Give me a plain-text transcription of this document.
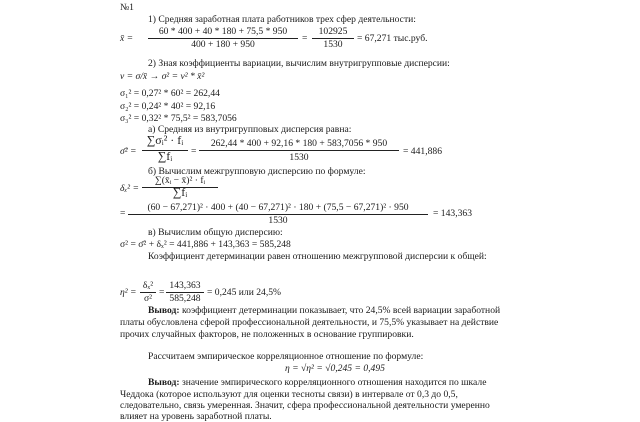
№1
1) Средняя заработная плата работников трех сфер деятельности:
x̄ =
60 * 400 + 40 * 180 + 75,5 * 950
400 + 180 + 950
=
102925
1530
= 67,271 тыс.руб.
2) Зная коэффициенты вариации, вычислим внутригрупповые дисперсии:
v = σ/x̄ → σ² = v² * x̄²
σ₁² = 0,27² * 60² = 262,44
σ₂² = 0,24² * 40² = 92,16
σ₃² = 0,32² * 75,5² = 583,7056
а) Средняя из внутригрупповых дисперсия равна:
σ̄² =
∑σᵢ² · fᵢ
∑fᵢ	=
262,44 * 400 + 92,16 * 180 + 583,7056 * 950
1530
= 441,886
б) Вычислим межгрупповую дисперсию по формуле:
δₓ² =
∑(x̄ᵢ − x̄)² · fᵢ
∑fᵢ
=
(60 − 67,271)² · 400 + (40 − 67,271)² · 180 + (75,5 − 67,271)² · 950
1530
= 143,363
в) Вычислим общую дисперсию:
σ² = σ̄² + δₓ² = 441,886 + 143,363 = 585,248
Коэффициент детерминации равен отношению межгрупповой дисперсии к общей:
η² =
δₓ²
σ²
=
143,363
585,248
= 0,245 или 24,5%
Вывод: коэффициент детерминации показывает, что 24,5% всей вариации заработной
платы обусловлена сферой профессиональной деятельности, и 75,5% указывает на действие
прочих случайных факторов, не положенных в основание группировки.
Рассчитаем эмпирическое корреляционное отношение по формуле:
η = √η² = √0,245 = 0,495
Вывод: значение эмпирического корреляционного отношения находится по шкале
Чеддока (которое используют для оценки тесноты связи) в интервале от 0,3 до 0,5,
следовательно, связь умеренная. Значит, сфера профессиональной деятельности умеренно
влияет на уровень заработной платы.
